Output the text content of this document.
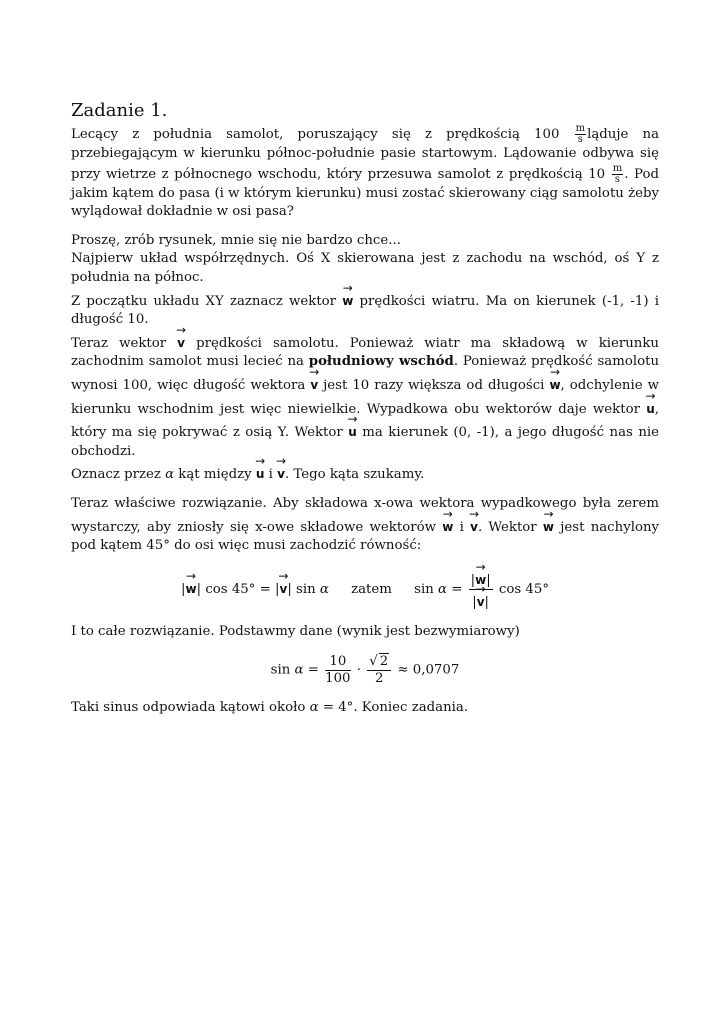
Zadanie 1.

Lecący z południa samolot, poruszający się z prędkością $100 \frac{m}{s}$ ląduje na przebiegającym w kierunku północ-południe pasie startowym. Lądowanie odbywa się przy wietrze z północnego wschodu, który przesuwa samolot z prędkością $10 \frac{m}{s}$ . Pod jakim kątem do pasa (i w którym kierunku) musi zostać skierowany ciąg samolotu żeby wylądował dokładnie w osi pasa?

Proszę, zrób rysunek, mnie się nie bardzo chce...
Najpierw układ współrzędnych. Oś X skierowana jest z zachodu na wschód, oś Y z południa na północ.
Z początku układu XY zaznacz wektor → w prędkości wiatru. Ma on kierunek (-1, -1) i długość 10.
Teraz wektor → v prędkości samolotu. Ponieważ wiatr ma składową w kierunku zachodnim samolot musi lecieć na południowy wschód. Ponieważ prędkość samolotu wynosi 100, więc długość wektora → v jest 10 razy większa od długości → w, odchylenie w kierunku wschodnim jest więc niewielkie. Wypadkowa obu wektorów daje wektor → u, który ma się pokrywać z osią Y. Wektor → u ma kierunek (0, -1), a jego długość nas nie obchodzi.
Oznacz przez α kąt między → u i → v. Tego kąta szukamy.

Teraz właściwe rozwiązanie. Aby składowa x-owa wektora wypadkowego była zerem wystarczy, aby zniosły się x-owe składowe wektorów → w i → v. Wektor → w jest nachylony pod kątem 45° do osi więc musi zachodzić równość:

|→ w| cos 45° = |→ v| sin α zatem $\sin \alpha = \frac{|\to w|}{|\to v|}$ cos 45°

I to całe rozwiązanie. Podstawmy dane (wynik jest bezwymiarowy)

$\sin \alpha = \frac{10}{100} \cdot \frac{√ 2}{2} \approx 0,0707$

Taki sinus odpowiada kątowi około α = 4°. Koniec zadania.
